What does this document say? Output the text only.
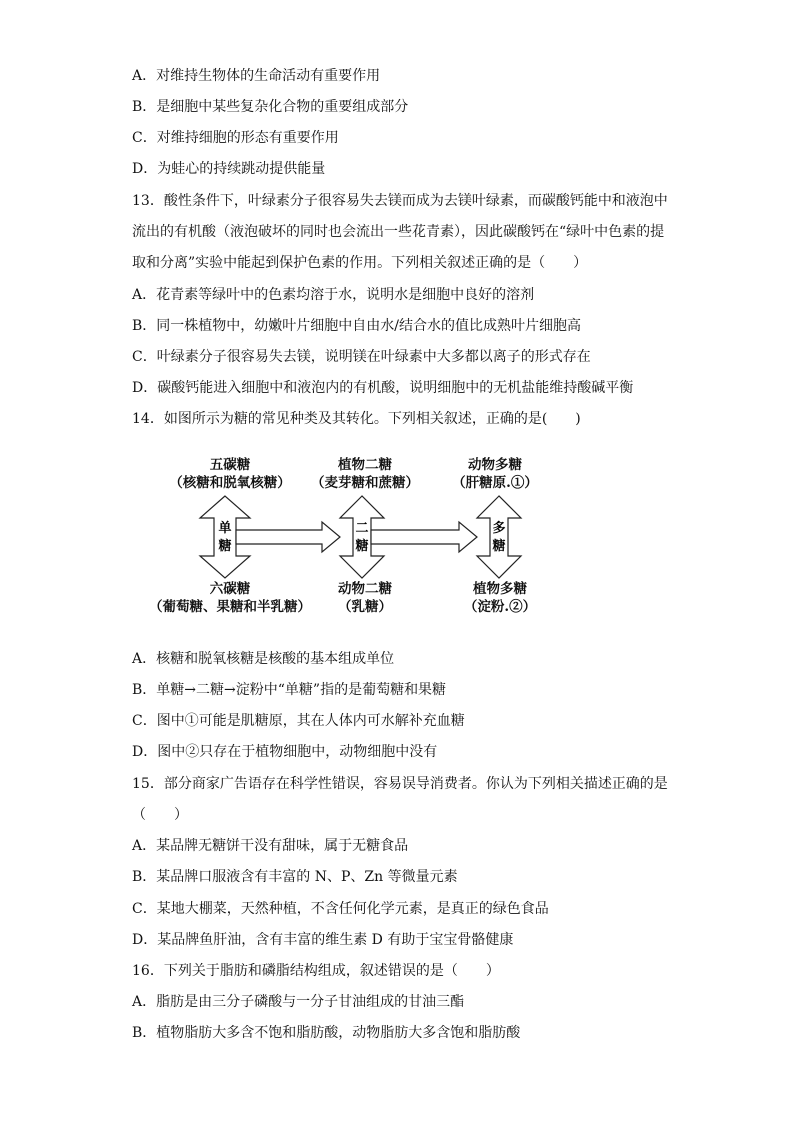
A．对维持生物体的生命活动有重要作用
B．是细胞中某些复杂化合物的重要组成部分
C．对维持细胞的形态有重要作用
D．为蛙心的持续跳动提供能量
13．酸性条件下，叶绿素分子很容易失去镁而成为去镁叶绿素，而碳酸钙能中和液泡中
流出的有机酸（液泡破坏的同时也会流出一些花青素），因此碳酸钙在“绿叶中色素的提
取和分离”实验中能起到保护色素的作用。下列相关叙述正确的是（　　）
A．花青素等绿叶中的色素均溶于水，说明水是细胞中良好的溶剂
B．同一株植物中，幼嫩叶片细胞中自由水/结合水的值比成熟叶片细胞高
C．叶绿素分子很容易失去镁，说明镁在叶绿素中大多都以离子的形式存在
D．碳酸钙能进入细胞中和液泡内的有机酸，说明细胞中的无机盐能维持酸碱平衡
14．如图所示为糖的常见种类及其转化。下列相关叙述，正确的是(　　)
五碳糖
（核糖和脱氧核糖）
植物二糖
（麦芽糖和蔗糖）
动物多糖
（肝糖原.①）
六碳糖
（葡萄糖、果糖和半乳糖）
动物二糖
（乳糖）
植物多糖
（淀粉.②）
单
糖
二
糖
多
糖
A．核糖和脱氧核糖是核酸的基本组成单位
B．单糖→二糖→淀粉中“单糖”指的是葡萄糖和果糖
C．图中①可能是肌糖原，其在人体内可水解补充血糖
D．图中②只存在于植物细胞中，动物细胞中没有
15．部分商家广告语存在科学性错误，容易误导消费者。你认为下列相关描述正确的是
（　　）
A．某品牌无糖饼干没有甜味，属于无糖食品
B．某品牌口服液含有丰富的 N、P、Zn 等微量元素
C．某地大棚菜，天然种植，不含任何化学元素，是真正的绿色食品
D．某品牌鱼肝油，含有丰富的维生素 D 有助于宝宝骨骼健康
16．下列关于脂肪和磷脂结构组成，叙述错误的是（　　）
A．脂肪是由三分子磷酸与一分子甘油组成的甘油三酯
B．植物脂肪大多含不饱和脂肪酸，动物脂肪大多含饱和脂肪酸
